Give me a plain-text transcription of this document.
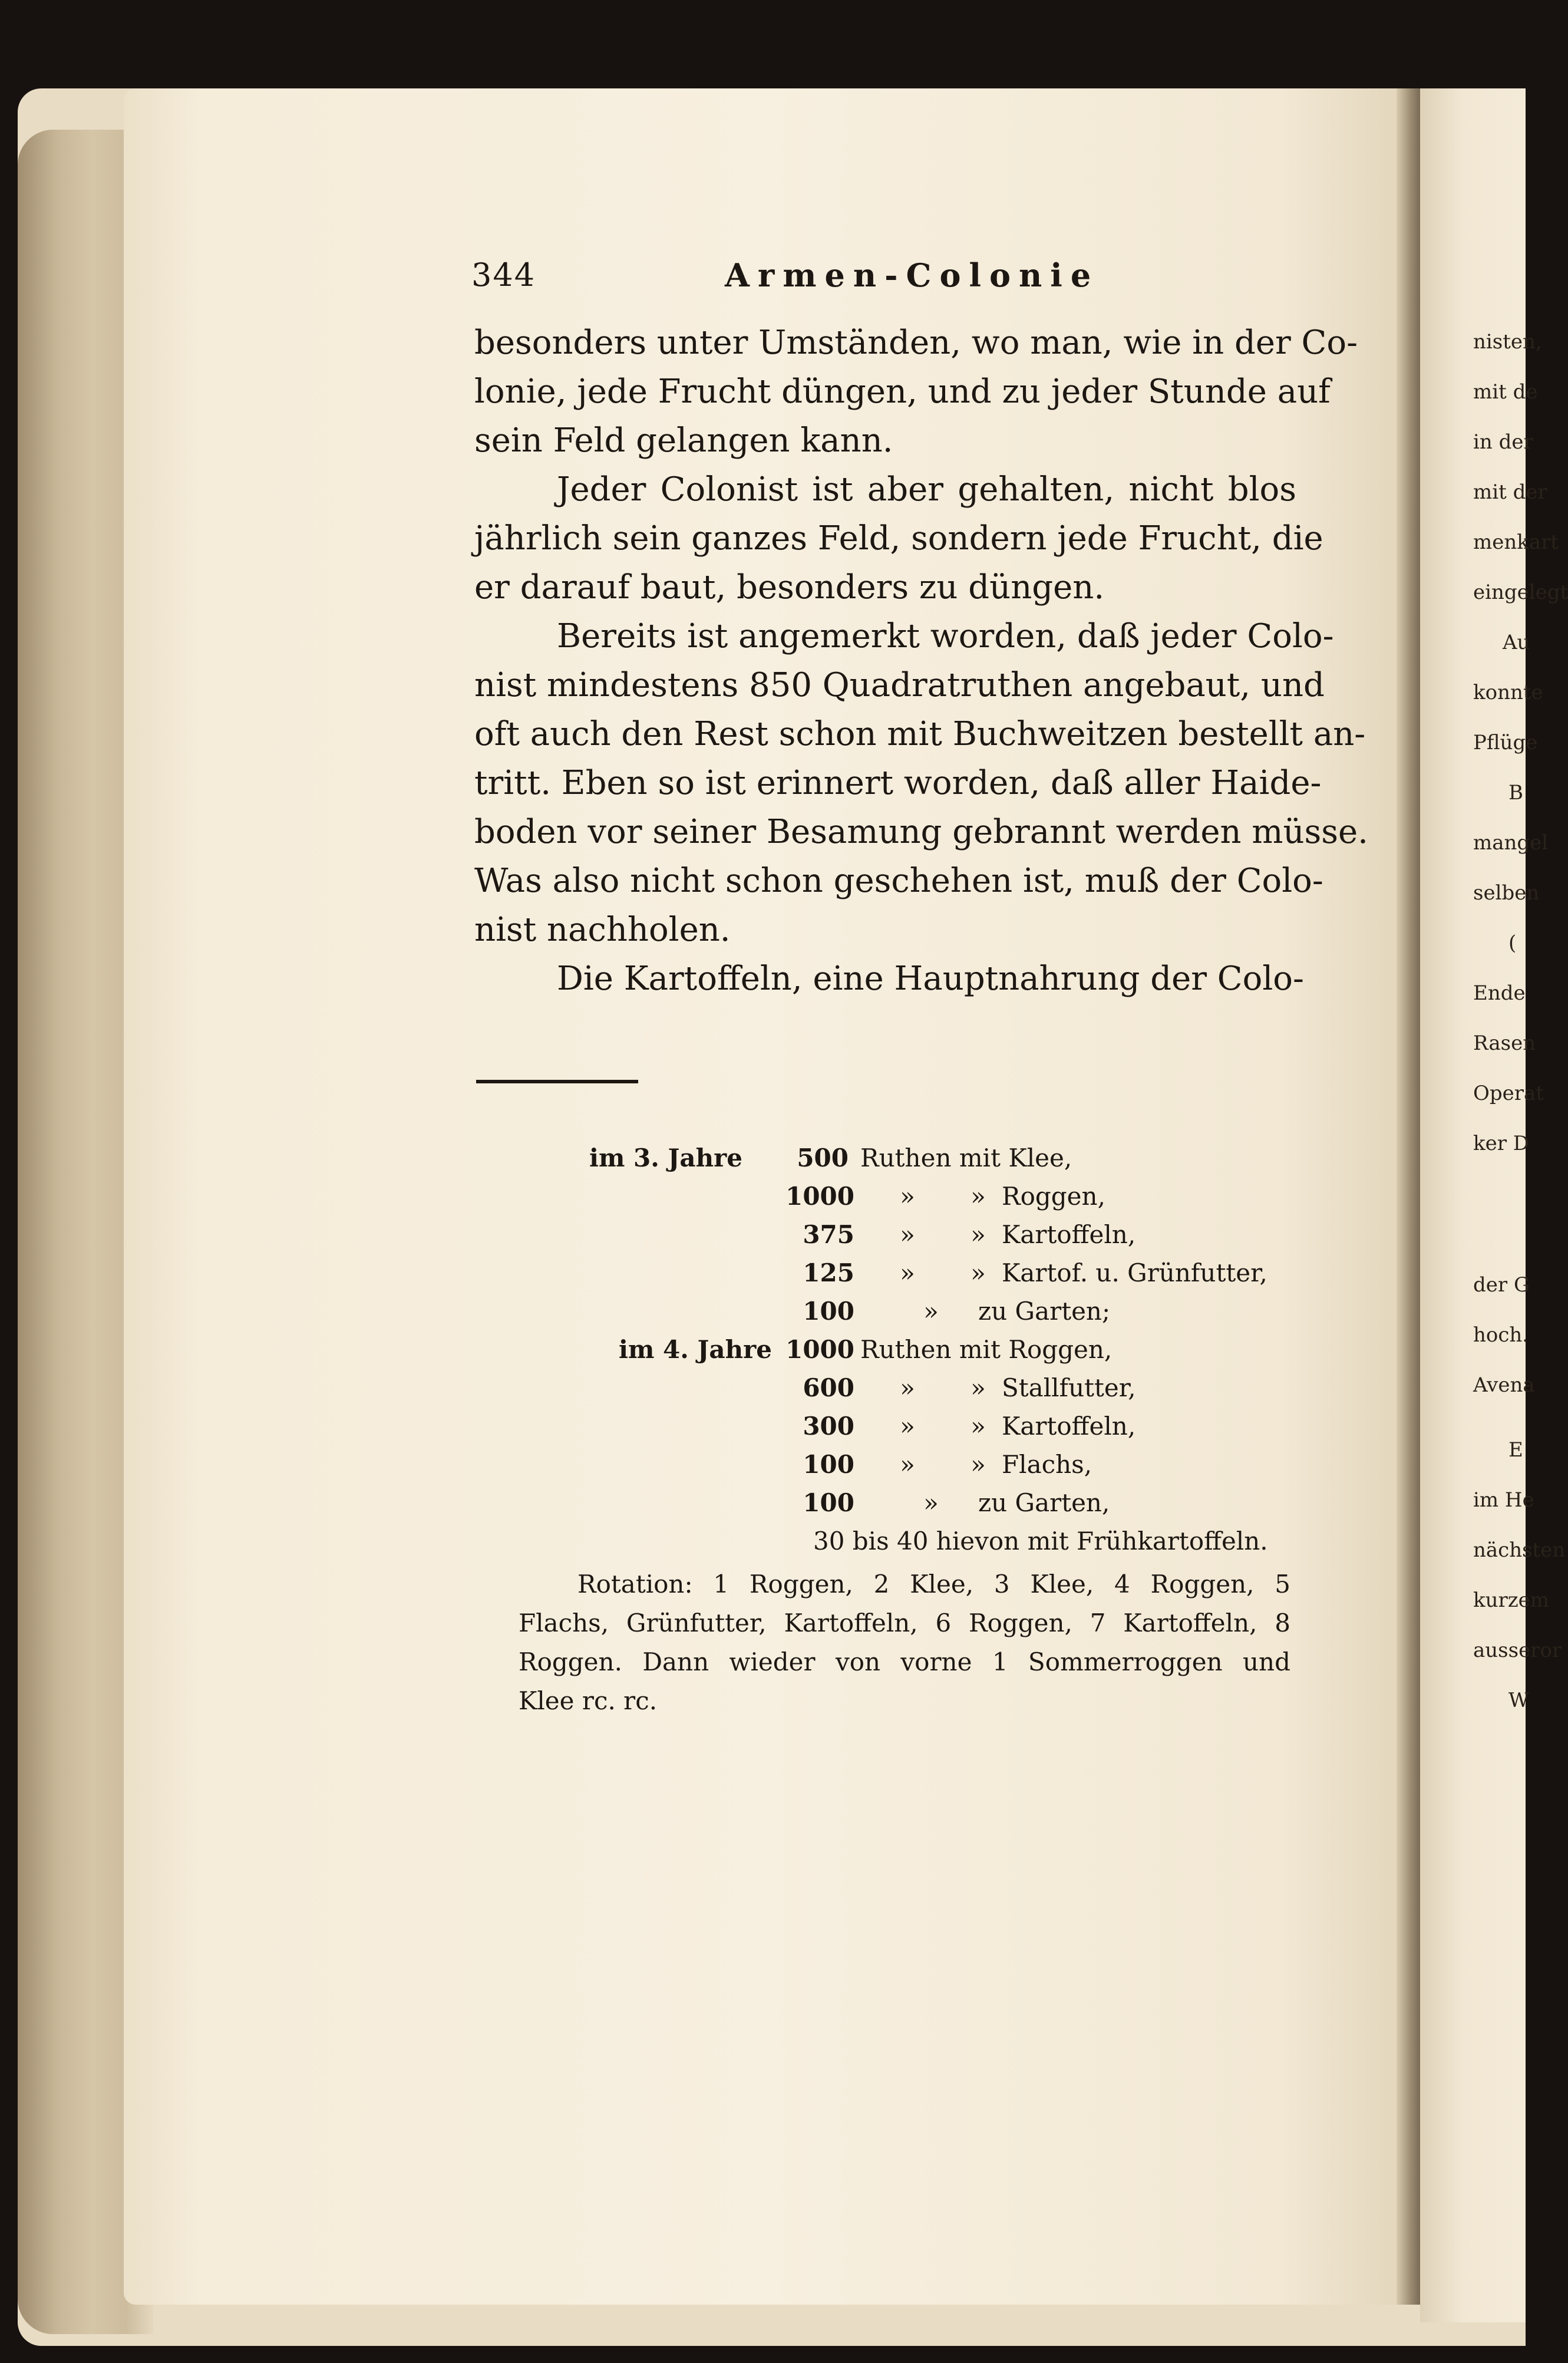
344	Armen-Colonie
besonders unter Umständen, wo man, wie in der Co-
lonie, jede Frucht düngen, und zu jeder Stunde auf
sein Feld gelangen kann.
Jeder Colonist ist aber gehalten, nicht blos
jährlich sein ganzes Feld, sondern jede Frucht, die
er darauf baut, besonders zu düngen.
Bereits ist angemerkt worden, daß jeder Colo-
nist mindestens 850 Quadratruthen angebaut, und
oft auch den Rest schon mit Buchweitzen bestellt an-
tritt. Eben so ist erinnert worden, daß aller Haide-
boden vor seiner Besamung gebrannt werden müsse.
Was also nicht schon geschehen ist, muß der Colo-
nist nachholen.
Die Kartoffeln, eine Hauptnahrung der Colo-
im 3. Jahre	500 Ruthen mit Klee,
1000 » » Roggen,
375 » » Kartoffeln,
125 » » Kartof. u. Grünfutter,
100	» zu Garten;
im 4. Jahre 1000 Ruthen mit Roggen,
600 » » Stallfutter,
300 » » Kartoffeln,
100 » » Flachs,
100	» zu Garten,
30 bis 40 hievon mit Frühkartoffeln.
Rotation: 1 Roggen, 2 Klee, 3 Klee, 4 Roggen, 5
Flachs, Grünfutter, Kartoffeln, 6 Roggen, 7 Kartoffeln, 8
Roggen. Dann wieder von vorne 1 Sommerroggen und
Klee rc. rc.
nisten,
mit de
in der
mit der
menkart
eingelegt
Au
konnte
Pflüge
B
mangel
selben
(
Ende
Rasen
Operat
ker D
der G
hoch.
Avena
E
im He
nächsten
kurzem
ausseror
W
